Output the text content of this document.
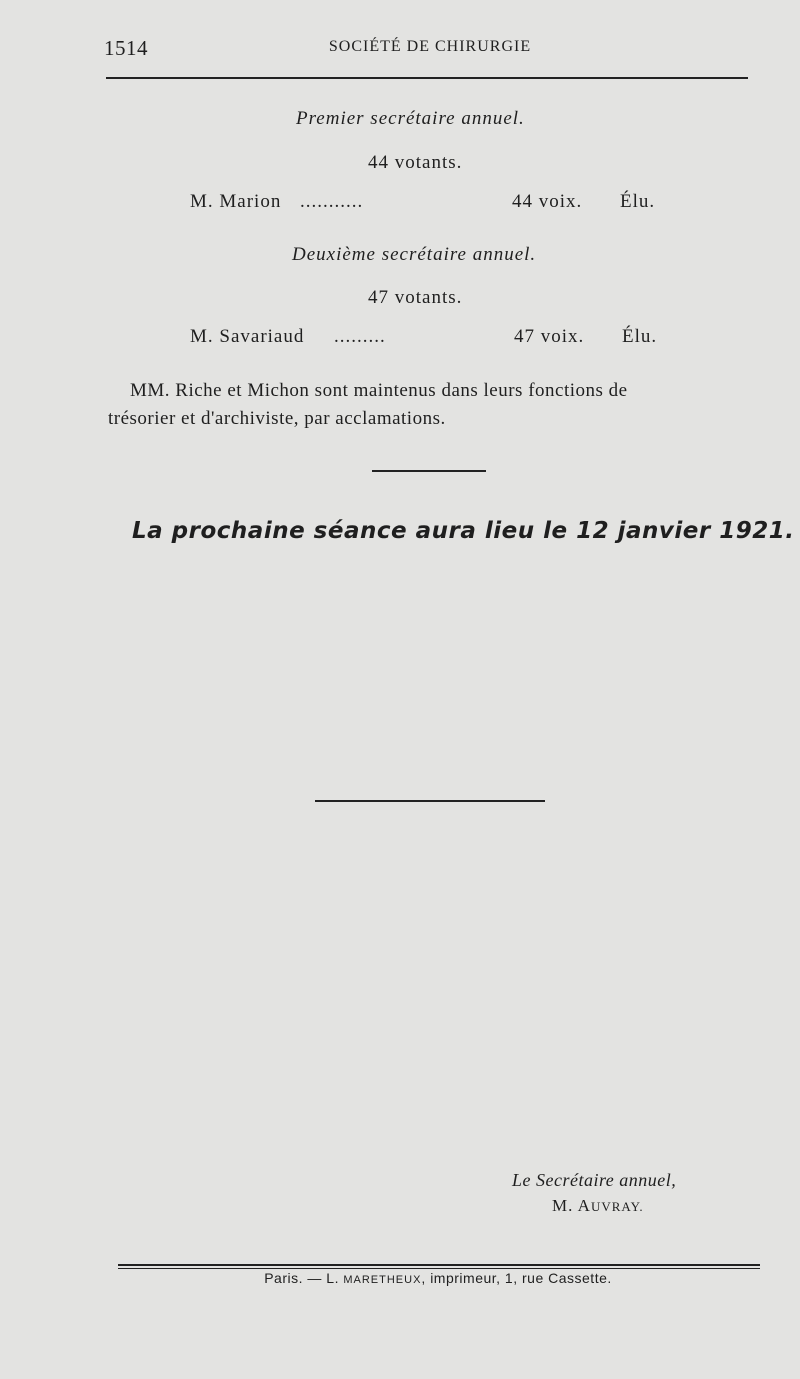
1514	SOCIÉTÉ DE CHIRURGIE
Premier secrétaire annuel.
44 votants.
M. Marion ...........	44 voix. Élu.
Deuxième secrétaire annuel.
47 votants.
M. Savariaud .........	47 voix. Élu.
MM. Riche et Michon sont maintenus dans leurs fonctions de
trésorier et d'archiviste, par acclamations.
La prochaine séance aura lieu le 12 janvier 1921.
Le Secrétaire annuel,
M. AUVRAY.
Paris. — L. MARETHEUX, imprimeur, 1, rue Cassette.
